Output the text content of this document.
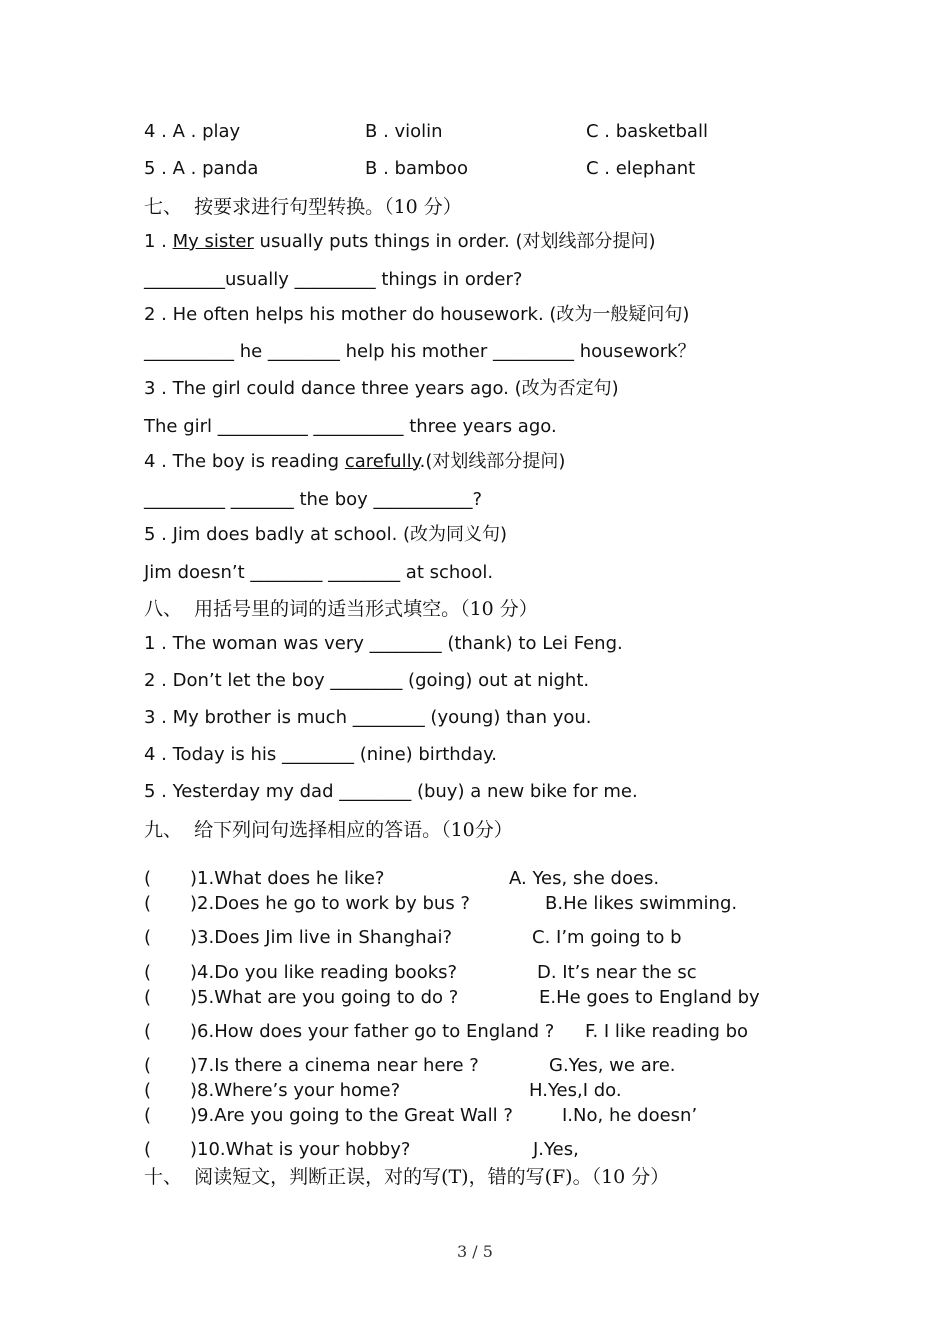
4 . A . play	B . violin	C . basketball
5 . A . panda	B . bamboo	C . elephant
七、  按要求进行句型转换。（10 分）
1 . My sister usually puts things in order. (对划线部分提问)
_________usually _________ things in order?
2 . He often helps his mother do housework. (改为一般疑问句)
__________ he ________ help his mother _________ housework？
3 . The girl could dance three years ago. (改为否定句)
The girl __________ __________ three years ago.
4 . The boy is reading carefully.(对划线部分提问)
_________ _______ the boy ___________?
5 . Jim does badly at school. (改为同义句)
Jim doesn’t ________ ________ at school.
八、  用括号里的词的适当形式填空。（10 分）
1 . The woman was very ________ (thank) to Lei Feng.
2 . Don’t let the boy ________ (going) out at night.
3 . My brother is much ________ (young) than you.
4 . Today is his ________ (nine) birthday.
5 . Yesterday my dad ________ (buy) a new bike for me.
九、  给下列问句选择相应的答语。（10分）
( )1.What does he like?	A. Yes, she does.
( )2.Does he go to work by bus ?	B.He likes swimming.
( )3.Does Jim live in Shanghai?	C. I’m going to b
( )4.Do you like reading books?	D. It’s near the sc
( )5.What are you going to do ?	E.He goes to England by
( )6.How does your father go to England ? F. I like reading bo
( )7.Is there a cinema near here ?	G.Yes, we are.
( )8.Where’s your home?	H.Yes,I do.
( )9.Are you going to the Great Wall ?	I.No, he doesn’
( )10.What is your hobby?	J.Yes,
十、  阅读短文，判断正误，对的写(T)，错的写(F)。（10 分）
3 / 5
